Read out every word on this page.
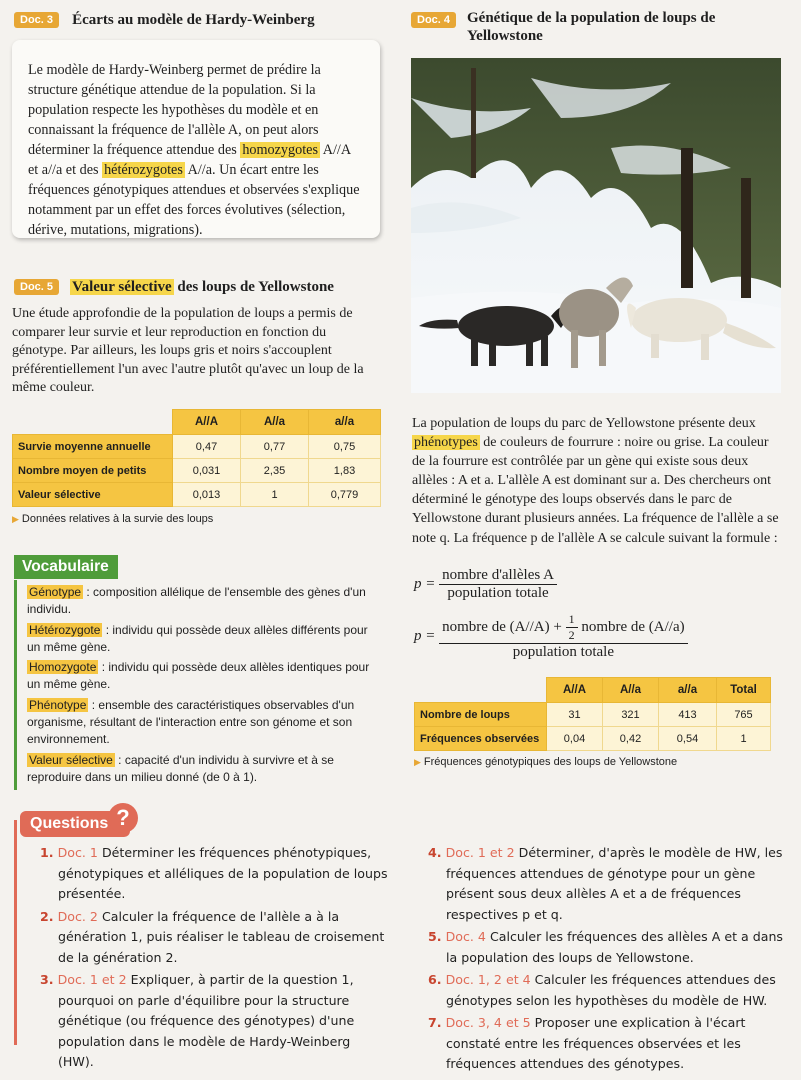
Doc. 3 Écarts au modèle de Hardy-Weinberg
Le modèle de Hardy-Weinberg permet de prédire la structure génétique attendue de la population. Si la population respecte les hypothèses du modèle et en connaissant la fréquence de l'allèle A, on peut alors déterminer la fréquence attendue des homozygotes A//A et a//a et des hétérozygotes A//a. Un écart entre les fréquences génotypiques attendues et observées s'explique notamment par un effet des forces évolutives (sélection, dérive, mutations, migrations).
Doc. 5 Valeur sélective des loups de Yellowstone
Une étude approfondie de la population de loups a permis de comparer leur survie et leur reproduction en fonction du génotype. Par ailleurs, les loups gris et noirs s'accouplent préférentiellement l'un avec l'autre plutôt qu'avec un loup de la même couleur.
	A//A	A//a	a//a
Survie moyenne annuelle	0,47	0,77	0,75
Nombre moyen de petits	0,031	2,35	1,83
Valeur sélective	0,013	1	0,779
▶ Données relatives à la survie des loups
Vocabulaire
Génotype : composition allélique de l'ensemble des gènes d'un individu.
Hétérozygote : individu qui possède deux allèles différents pour un même gène.
Homozygote : individu qui possède deux allèles identiques pour un même gène.
Phénotype : ensemble des caractéristiques observables d'un organisme, résultant de l'interaction entre son génome et son environnement.
Valeur sélective : capacité d'un individu à survivre et à se reproduire dans un milieu donné (de 0 à 1).
Questions ?
1. Doc. 1 Déterminer les fréquences phénotypiques, génotypiques et alléliques de la population de loups présentée.
2. Doc. 2 Calculer la fréquence de l'allèle a à la génération 1, puis réaliser le tableau de croisement de la génération 2.
3. Doc. 1 et 2 Expliquer, à partir de la question 1, pourquoi on parle d'équilibre pour la structure génétique (ou fréquence des génotypes) d'une population dans le modèle de Hardy-Weinberg (HW).
4. Doc. 1 et 2 Déterminer, d'après le modèle de HW, les fréquences attendues de génotype pour un gène présent sous deux allèles A et a de fréquences respectives p et q.
5. Doc. 4 Calculer les fréquences des allèles A et a dans la population des loups de Yellowstone.
6. Doc. 1, 2 et 4 Calculer les fréquences attendues des génotypes selon les hypothèses du modèle de HW.
7. Doc. 3, 4 et 5 Proposer une explication à l'écart constaté entre les fréquences observées et les fréquences attendues des génotypes.
Doc. 4 Génétique de la population de loups de Yellowstone
La population de loups du parc de Yellowstone présente deux phénotypes de couleurs de fourrure : noire ou grise. La couleur de la fourrure est contrôlée par un gène qui existe sous deux allèles : A et a. L'allèle A est dominant sur a. Des chercheurs ont déterminé le génotype des loups observés dans le parc de Yellowstone durant plusieurs années. La fréquence de l'allèle a se note q. La fréquence p de l'allèle A se calcule suivant la formule :
$p = \frac{\text{nombre d'allèles A}}{\text{population totale}}$
$p = \frac{nombre de (A//A) + \frac{1}{2} nombre de (A//a)}{\text{population totale}}$
	A//A	A//a	a//a	Total
Nombre de loups	31	321	413	765
Fréquences observées	0,04	0,42	0,54	1
▶ Fréquences génotypiques des loups de Yellowstone
